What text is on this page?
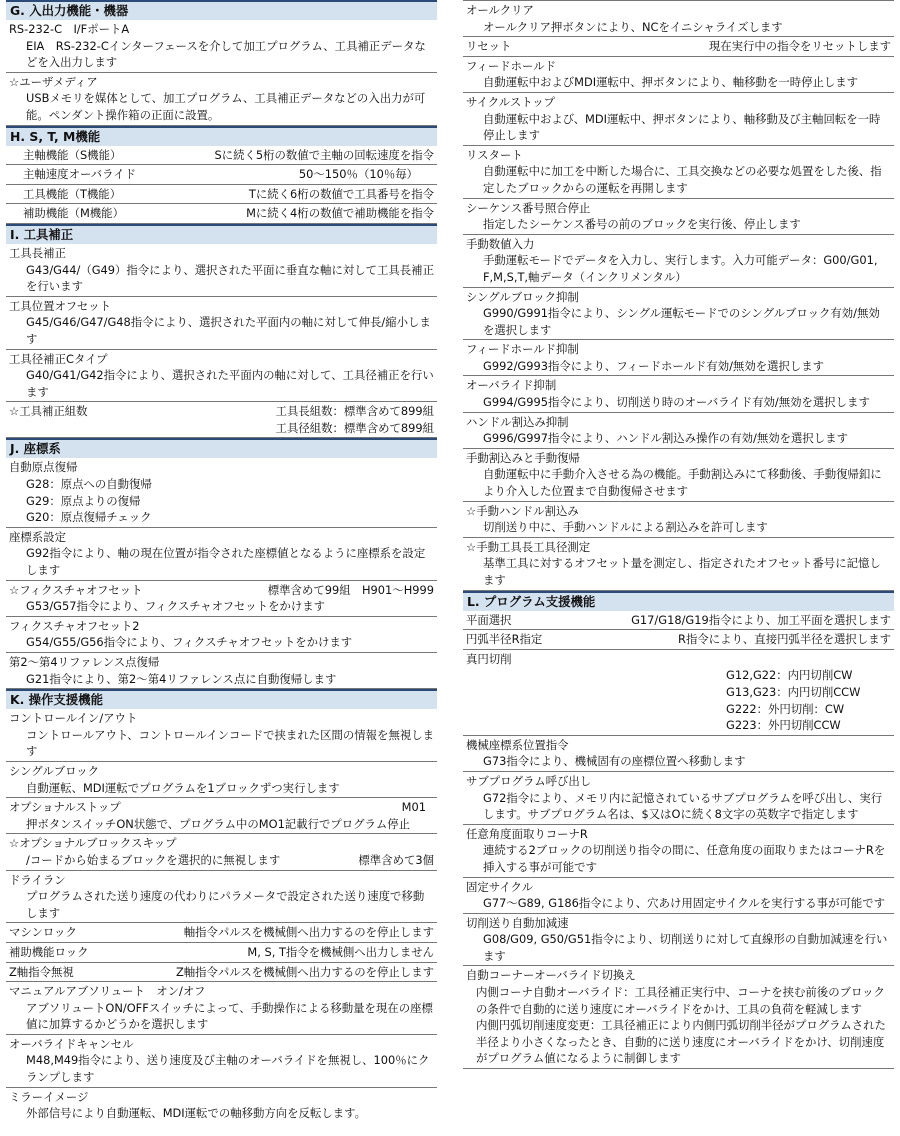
G. 入出力機能・機器
RS-232-C　I/FポートA
EIA　RS-232-Cインターフェースを介して加工プログラム、工具補正データなどを入出力します
☆ユーザメディア
USBメモリを媒体として、加工プログラム、工具補正データなどの入出力が可能。ペンダント操作箱の正面に設置。
H. S, T, M機能
主軸機能（S機能）	Sに続く5桁の数値で主軸の回転速度を指令
主軸速度オーバライド	50〜150％（10％毎）
工具機能（T機能）	Tに続く6桁の数値で工具番号を指令
補助機能（M機能）	Mに続く4桁の数値で補助機能を指令
I. 工具補正
工具長補正
G43/G44/（G49）指令により、選択された平面に垂直な軸に対して工具長補正を行います
工具位置オフセット
G45/G46/G47/G48指令により、選択された平面内の軸に対して伸長/縮小します
工具径補正Cタイプ
G40/G41/G42指令により、選択された平面内の軸に対して、工具径補正を行います
☆工具補正組数	工具長組数：標準含めて899組
工具径組数：標準含めて899組
J. 座標系
自動原点復帰
G28：原点への自動復帰
G29：原点よりの復帰
G20：原点復帰チェック
座標系設定
G92指令により、軸の現在位置が指令された座標値となるように座標系を設定します
☆フィクスチャオフセット	標準含めて99組　H901〜H999
G53/G57指令により、フィクスチャオフセットをかけます
フィクスチャオフセット2
G54/G55/G56指令により、フィクスチャオフセットをかけます
第2〜第4リファレンス点復帰
G21指令により、第2〜第4リファレンス点に自動復帰します
K. 操作支援機能
コントロールイン/アウト
コントロールアウト、コントロールインコードで挟まれた区間の情報を無視します
シングルブロック
自動運転、MDI運転でプログラムを1ブロックずつ実行します
オプショナルストップ	M01
押ボタンスイッチON状態で、プログラム中のMO1記載行でプログラム停止
☆オプショナルブロックスキップ
/コードから始まるブロックを選択的に無視します	標準含めて3個
ドライラン
プログラムされた送り速度の代わりにパラメータで設定された送り速度で移動します
マシンロック	軸指令パルスを機械側へ出力するのを停止します
補助機能ロック	M, S, T指令を機械側へ出力しません
Z軸指令無視	Z軸指令パルスを機械側へ出力するのを停止します
マニュアルアブソリュート　オン/オフ
アブソリュートON/OFFスイッチによって、手動操作による移動量を現在の座標値に加算するかどうかを選択します
オーバライドキャンセル
M48,M49指令により、送り速度及び主軸のオーバライドを無視し、100％にクランプします
ミラーイメージ
外部信号により自動運転、MDI運転での軸移動方向を反転します。
オールクリア
オールクリア押ボタンにより、NCをイニシャライズします
リセット	現在実行中の指令をリセットします
フィードホールド
自動運転中およびMDI運転中、押ボタンにより、軸移動を一時停止します
サイクルストップ
自動運転中および、MDI運転中、押ボタンにより、軸移動及び主軸回転を一時停止します
リスタート
自動運転中に加工を中断した場合に、工具交換などの必要な処置をした後、指定したブロックからの運転を再開します
シーケンス番号照合停止
指定したシーケンス番号の前のブロックを実行後、停止します
手動数値入力
手動運転モードでデータを入力し、実行します。入力可能データ：G00/G01, F,M,S,T,軸データ（インクリメンタル）
シングルブロック抑制
G990/G991指令により、シングル運転モードでのシングルブロック有効/無効を選択します
フィードホールド抑制
G992/G993指令により、フィードホールド有効/無効を選択します
オーバライド抑制
G994/G995指令により、切削送り時のオーバライド有効/無効を選択します
ハンドル割込み抑制
G996/G997指令により、ハンドル割込み操作の有効/無効を選択します
手動割込みと手動復帰
自動運転中に手動介入させる為の機能。手動割込みにて移動後、手動復帰釦により介入した位置まで自動復帰させます
☆手動ハンドル割込み
切削送り中に、手動ハンドルによる割込みを許可します
☆手動工具長工具径測定
基準工具に対するオフセット量を測定し、指定されたオフセット番号に記憶します
L. プログラム支援機能
平面選択	G17/G18/G19指令により、加工平面を選択します
円弧半径R指定	R指令により、直接円弧半径を選択します
真円切削
G12,G22：内円切削CW
G13,G23：内円切削CCW
G222：外円切削：CW
G223：外円切削CCW
機械座標系位置指令
G73指令により、機械固有の座標位置へ移動します
サブプログラム呼び出し
G72指令により、メモリ内に記憶されているサブプログラムを呼び出し、実行します。サブプログラム名は、$又はOに続く8文字の英数字で指定します
任意角度面取りコーナR
連続する2ブロックの切削送り指令の間に、任意角度の面取りまたはコーナRを挿入する事が可能です
固定サイクル
G77〜G89, G186指令により、穴あけ用固定サイクルを実行する事が可能です
切削送り自動加減速
G08/G09, G50/G51指令により、切削送りに対して直線形の自動加減速を行います
自動コーナーオーバライド切換え
内側コーナ自動オーバライド：工具径補正実行中、コーナを挟む前後のブロックの条件で自動的に送り速度にオーバライドをかけ、工具の負荷を軽減します
内側円弧切削速度変更：工具径補正により内側円弧切削半径がプログラムされた半径より小さくなったとき、自動的に送り速度にオーバライドをかけ、切削速度がプログラム値になるように制御します
